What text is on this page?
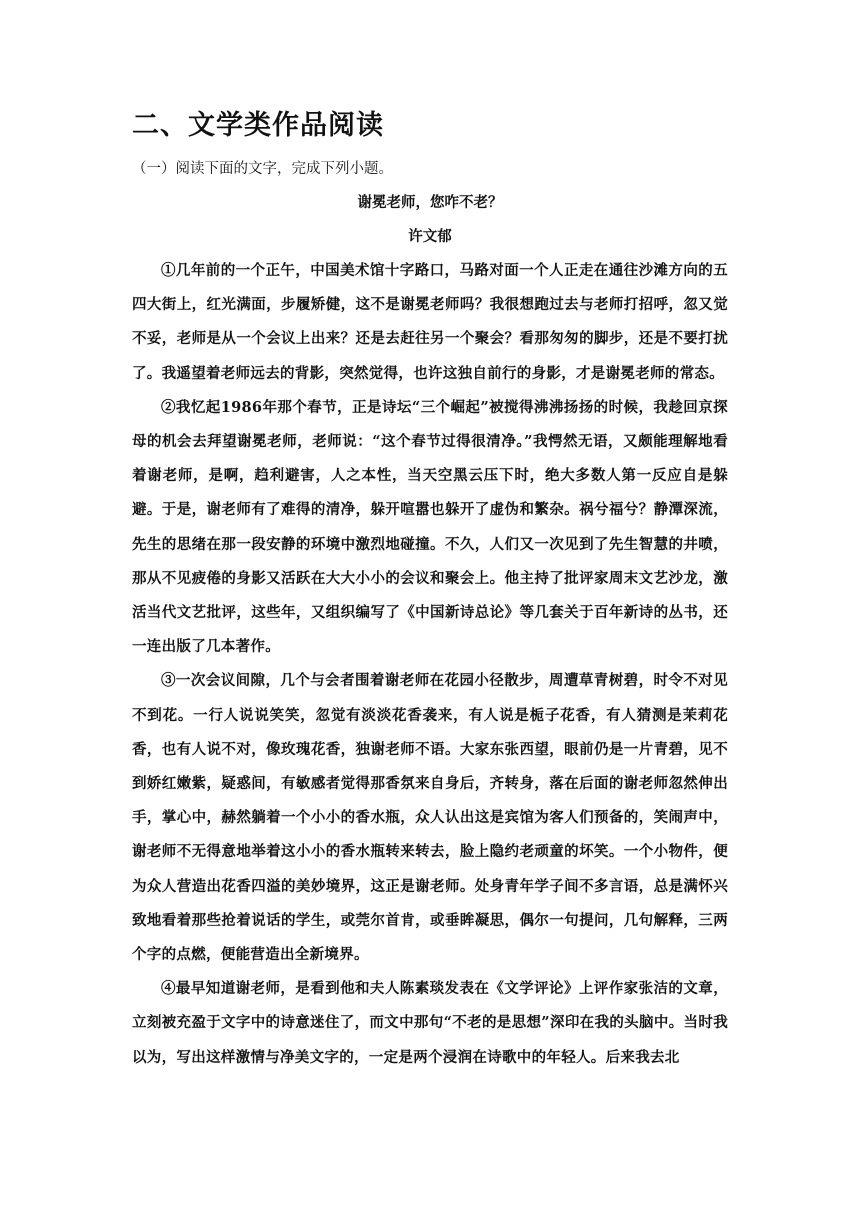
二、文学类作品阅读

（一）阅读下面的文字，完成下列小题。

谢冕老师，您咋不老？

许文郁

①几年前的一个正午，中国美术馆十字路口，马路对面一个人正走在通往沙滩方向的五四大街上，红光满面，步履矫健，这不是谢冕老师吗？我很想跑过去与老师打招呼，忽又觉不妥，老师是从一个会议上出来？还是去赶往另一个聚会？看那匆匆的脚步，还是不要打扰了。我遥望着老师远去的背影，突然觉得，也许这独自前行的身影，才是谢冕老师的常态。

②我忆起1986年那个春节，正是诗坛“三个崛起”被搅得沸沸扬扬的时候，我趁回京探母的机会去拜望谢冕老师，老师说：“这个春节过得很清净。”我愕然无语，又颇能理解地看着谢老师，是啊，趋利避害，人之本性，当天空黑云压下时，绝大多数人第一反应自是躲避。于是，谢老师有了难得的清净，躲开喧嚣也躲开了虚伪和繁杂。祸兮福兮？静潭深流，先生的思绪在那一段安静的环境中激烈地碰撞。不久，人们又一次见到了先生智慧的井喷，那从不见疲倦的身影又活跃在大大小小的会议和聚会上。他主持了批评家周末文艺沙龙，激活当代文艺批评，这些年，又组织编写了《中国新诗总论》等几套关于百年新诗的丛书，还一连出版了几本著作。

③一次会议间隙，几个与会者围着谢老师在花园小径散步，周遭草青树碧，时令不对见不到花。一行人说说笑笑，忽觉有淡淡花香袭来，有人说是栀子花香，有人猜测是茉莉花香，也有人说不对，像玫瑰花香，独谢老师不语。大家东张西望，眼前仍是一片青碧，见不到娇红嫩紫，疑惑间，有敏感者觉得那香氛来自身后，齐转身，落在后面的谢老师忽然伸出手，掌心中，赫然躺着一个小小的香水瓶，众人认出这是宾馆为客人们预备的，笑闹声中，谢老师不无得意地举着这小小的香水瓶转来转去，脸上隐约老顽童的坏笑。一个小物件，便为众人营造出花香四溢的美妙境界，这正是谢老师。处身青年学子间不多言语，总是满怀兴致地看着那些抢着说话的学生，或莞尔首肯，或垂眸凝思，偶尔一句提问，几句解释，三两个字的点燃，便能营造出全新境界。

④最早知道谢老师，是看到他和夫人陈素琰发表在《文学评论》上评作家张洁的文章，立刻被充盈于文字中的诗意迷住了，而文中那句“不老的是思想”深印在我的头脑中。当时我以为，写出这样激情与净美文字的，一定是两个浸润在诗歌中的年轻人。后来我去北
